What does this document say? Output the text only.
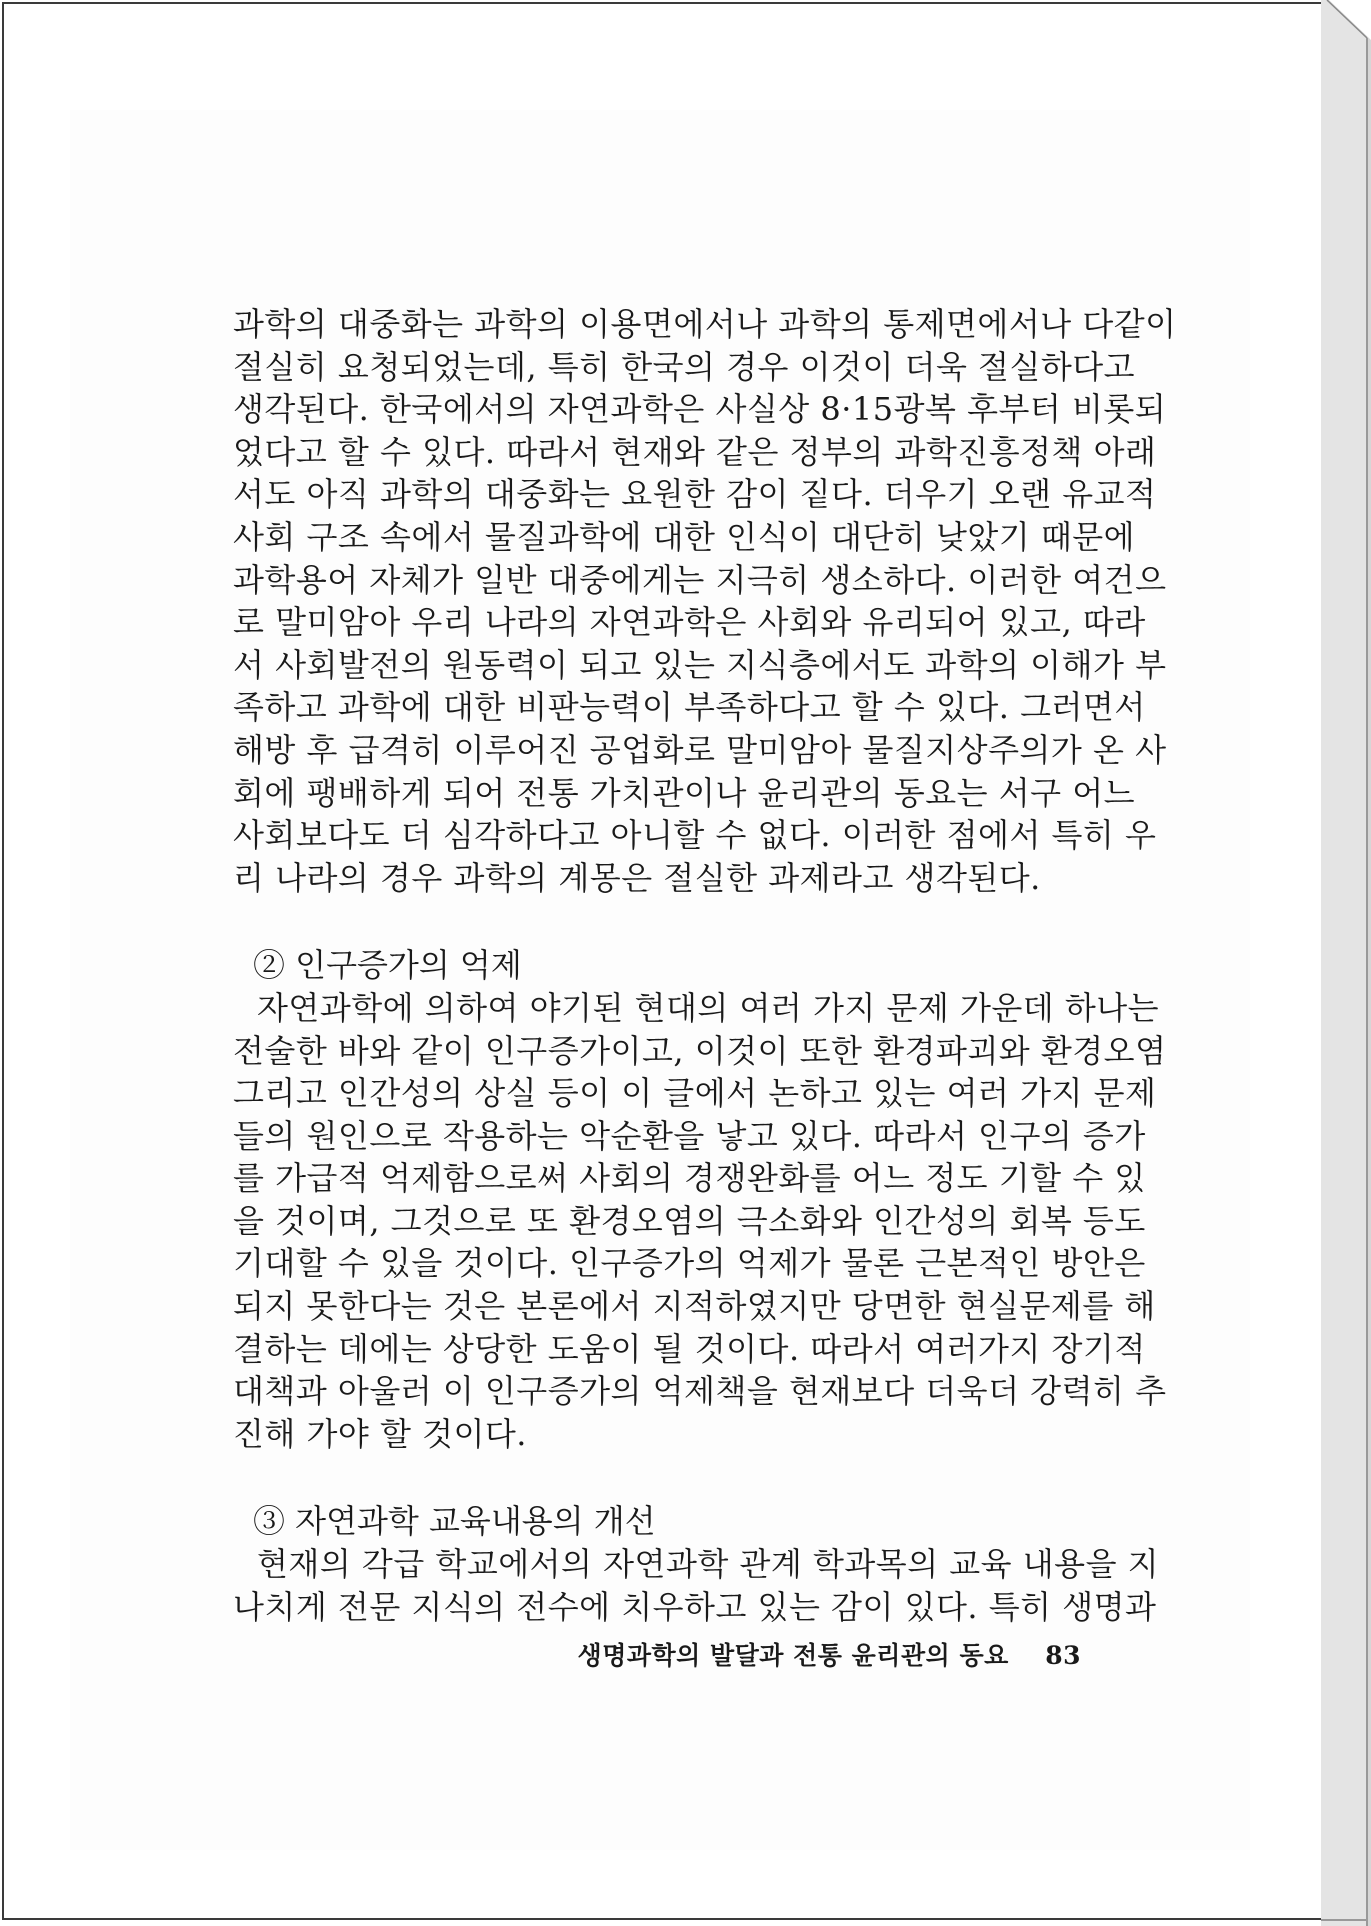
과학의 대중화는 과학의 이용면에서나 과학의 통제면에서나 다같이

절실히 요청되었는데, 특히 한국의 경우 이것이 더욱 절실하다고

생각된다. 한국에서의 자연과학은 사실상 8·15광복 후부터 비롯되

었다고 할 수 있다. 따라서 현재와 같은 정부의 과학진흥정책 아래

서도 아직 과학의 대중화는 요원한 감이 짙다. 더우기 오랜 유교적

사회 구조 속에서 물질과학에 대한 인식이 대단히 낮았기 때문에

과학용어 자체가 일반 대중에게는 지극히 생소하다. 이러한 여건으

로 말미암아 우리 나라의 자연과학은 사회와 유리되어 있고, 따라

서 사회발전의 원동력이 되고 있는 지식층에서도 과학의 이해가 부

족하고 과학에 대한 비판능력이 부족하다고 할 수 있다. 그러면서

해방 후 급격히 이루어진 공업화로 말미암아 물질지상주의가 온 사

회에 팽배하게 되어 전통 가치관이나 윤리관의 동요는 서구 어느

사회보다도 더 심각하다고 아니할 수 없다. 이러한 점에서 특히 우

리 나라의 경우 과학의 계몽은 절실한 과제라고 생각된다.

② 인구증가의 억제

자연과학에 의하여 야기된 현대의 여러 가지 문제 가운데 하나는

전술한 바와 같이 인구증가이고, 이것이 또한 환경파괴와 환경오염

그리고 인간성의 상실 등이 이 글에서 논하고 있는 여러 가지 문제

들의 원인으로 작용하는 악순환을 낳고 있다. 따라서 인구의 증가

를 가급적 억제함으로써 사회의 경쟁완화를 어느 정도 기할 수 있

을 것이며, 그것으로 또 환경오염의 극소화와 인간성의 회복 등도

기대할 수 있을 것이다. 인구증가의 억제가 물론 근본적인 방안은

되지 못한다는 것은 본론에서 지적하였지만 당면한 현실문제를 해

결하는 데에는 상당한 도움이 될 것이다. 따라서 여러가지 장기적

대책과 아울러 이 인구증가의 억제책을 현재보다 더욱더 강력히 추

진해 가야 할 것이다.

③ 자연과학 교육내용의 개선

현재의 각급 학교에서의 자연과학 관계 학과목의 교육 내용을 지

나치게 전문 지식의 전수에 치우하고 있는 감이 있다. 특히 생명과

생명과학의 발달과 전통 윤리관의 동요 83
